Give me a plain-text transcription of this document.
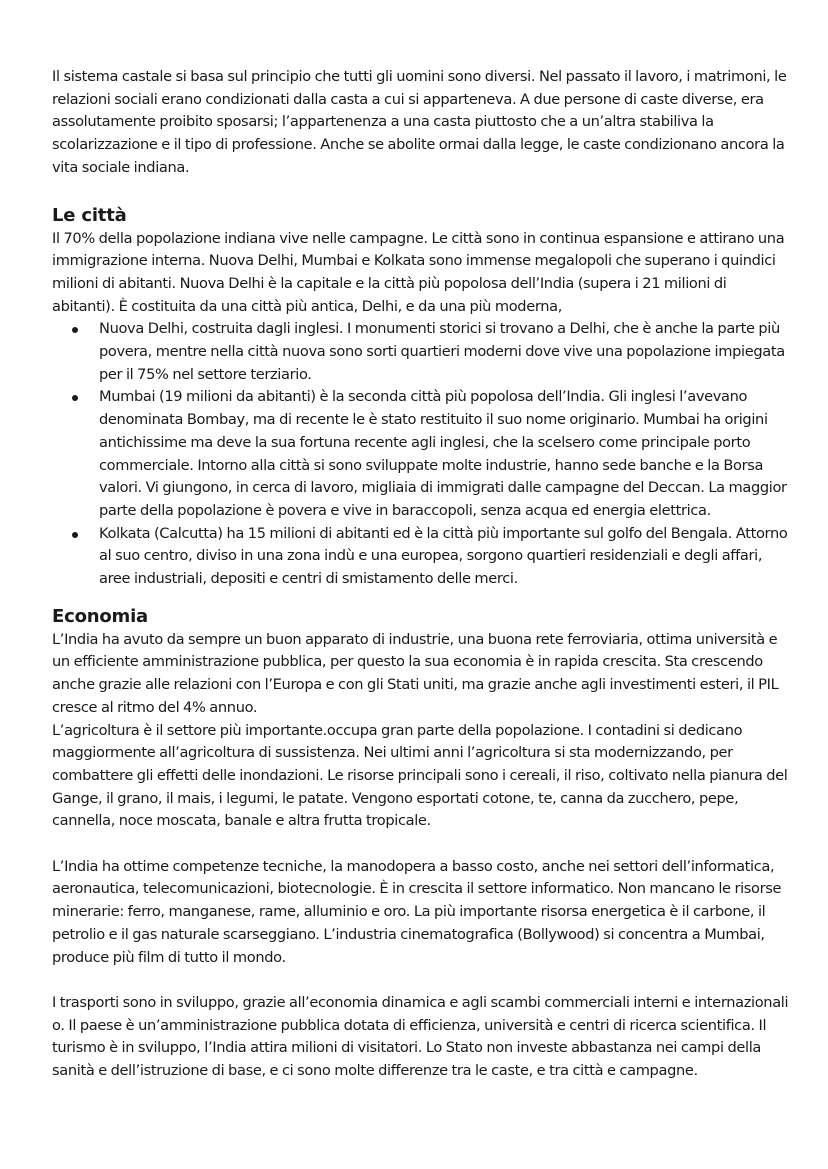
Il sistema castale si basa sul principio che tutti gli uomini sono diversi. Nel passato il lavoro, i matrimoni, le relazioni sociali erano condizionati dalla casta a cui si apparteneva. A due persone di caste diverse, era assolutamente proibito sposarsi; l’appartenenza a una casta piuttosto che a un’altra stabiliva la scolarizzazione e il tipo di professione. Anche se abolite ormai dalla legge, le caste condizionano ancora la vita sociale indiana.

Le città

Il 70% della popolazione indiana vive nelle campagne. Le città sono in continua espansione e attirano una immigrazione interna. Nuova Delhi, Mumbai e Kolkata sono immense megalopoli che superano i quindici milioni di abitanti. Nuova Delhi è la capitale e la città più popolosa dell’India (supera i 21 milioni di abitanti). È costituita da una città più antica, Delhi, e da una più moderna,

Nuova Delhi, costruita dagli inglesi. I monumenti storici si trovano a Delhi, che è anche la parte più povera, mentre nella città nuova sono sorti quartieri moderni dove vive una popolazione impiegata per il 75% nel settore terziario.

Mumbai (19 milioni da abitanti) è la seconda città più popolosa dell’India. Gli inglesi l’avevano denominata Bombay, ma di recente le è stato restituito il suo nome originario. Mumbai ha origini antichissime ma deve la sua fortuna recente agli inglesi, che la scelsero come principale porto commerciale. Intorno alla città si sono sviluppate molte industrie, hanno sede banche e la Borsa valori. Vi giungono, in cerca di lavoro, migliaia di immigrati dalle campagne del Deccan. La maggior parte della popolazione è povera e vive in baraccopoli, senza acqua ed energia elettrica.

Kolkata (Calcutta) ha 15 milioni di abitanti ed è la città più importante sul golfo del Bengala. Attorno al suo centro, diviso in una zona indù e una europea, sorgono quartieri residenziali e degli affari, aree industriali, depositi e centri di smistamento delle merci.

Economia

L’India ha avuto da sempre un buon apparato di industrie, una buona rete ferroviaria, ottima università e un efficiente amministrazione pubblica, per questo la sua economia è in rapida crescita. Sta crescendo anche grazie alle relazioni con l’Europa e con gli Stati uniti, ma grazie anche agli investimenti esteri, il PIL cresce al ritmo del 4% annuo.

L’agricoltura è il settore più importante.occupa gran parte della popolazione. I contadini si dedicano maggiormente all’agricoltura di sussistenza. Nei ultimi anni l’agricoltura si sta modernizzando, per combattere gli effetti delle inondazioni. Le risorse principali sono i cereali, il riso, coltivato nella pianura del Gange, il grano, il mais, i legumi, le patate. Vengono esportati cotone, te, canna da zucchero, pepe, cannella, noce moscata, banale e altra frutta tropicale.

L’India ha ottime competenze tecniche, la manodopera a basso costo, anche nei settori dell’informatica, aeronautica, telecomunicazioni, biotecnologie. È in crescita il settore informatico. Non mancano le risorse minerarie: ferro, manganese, rame, alluminio e oro. La più importante risorsa energetica è il carbone, il petrolio e il gas naturale scarseggiano. L’industria cinematografica (Bollywood) si concentra a Mumbai, produce più film di tutto il mondo.

I trasporti sono in sviluppo, grazie all’economia dinamica e agli scambi commerciali interni e internazionali o. Il paese è un’amministrazione pubblica dotata di efficienza, università e centri di ricerca scientifica. Il turismo è in sviluppo, l’India attira milioni di visitatori. Lo Stato non investe abbastanza nei campi della sanità e dell’istruzione di base, e ci sono molte differenze tra le caste, e tra città e campagne.
